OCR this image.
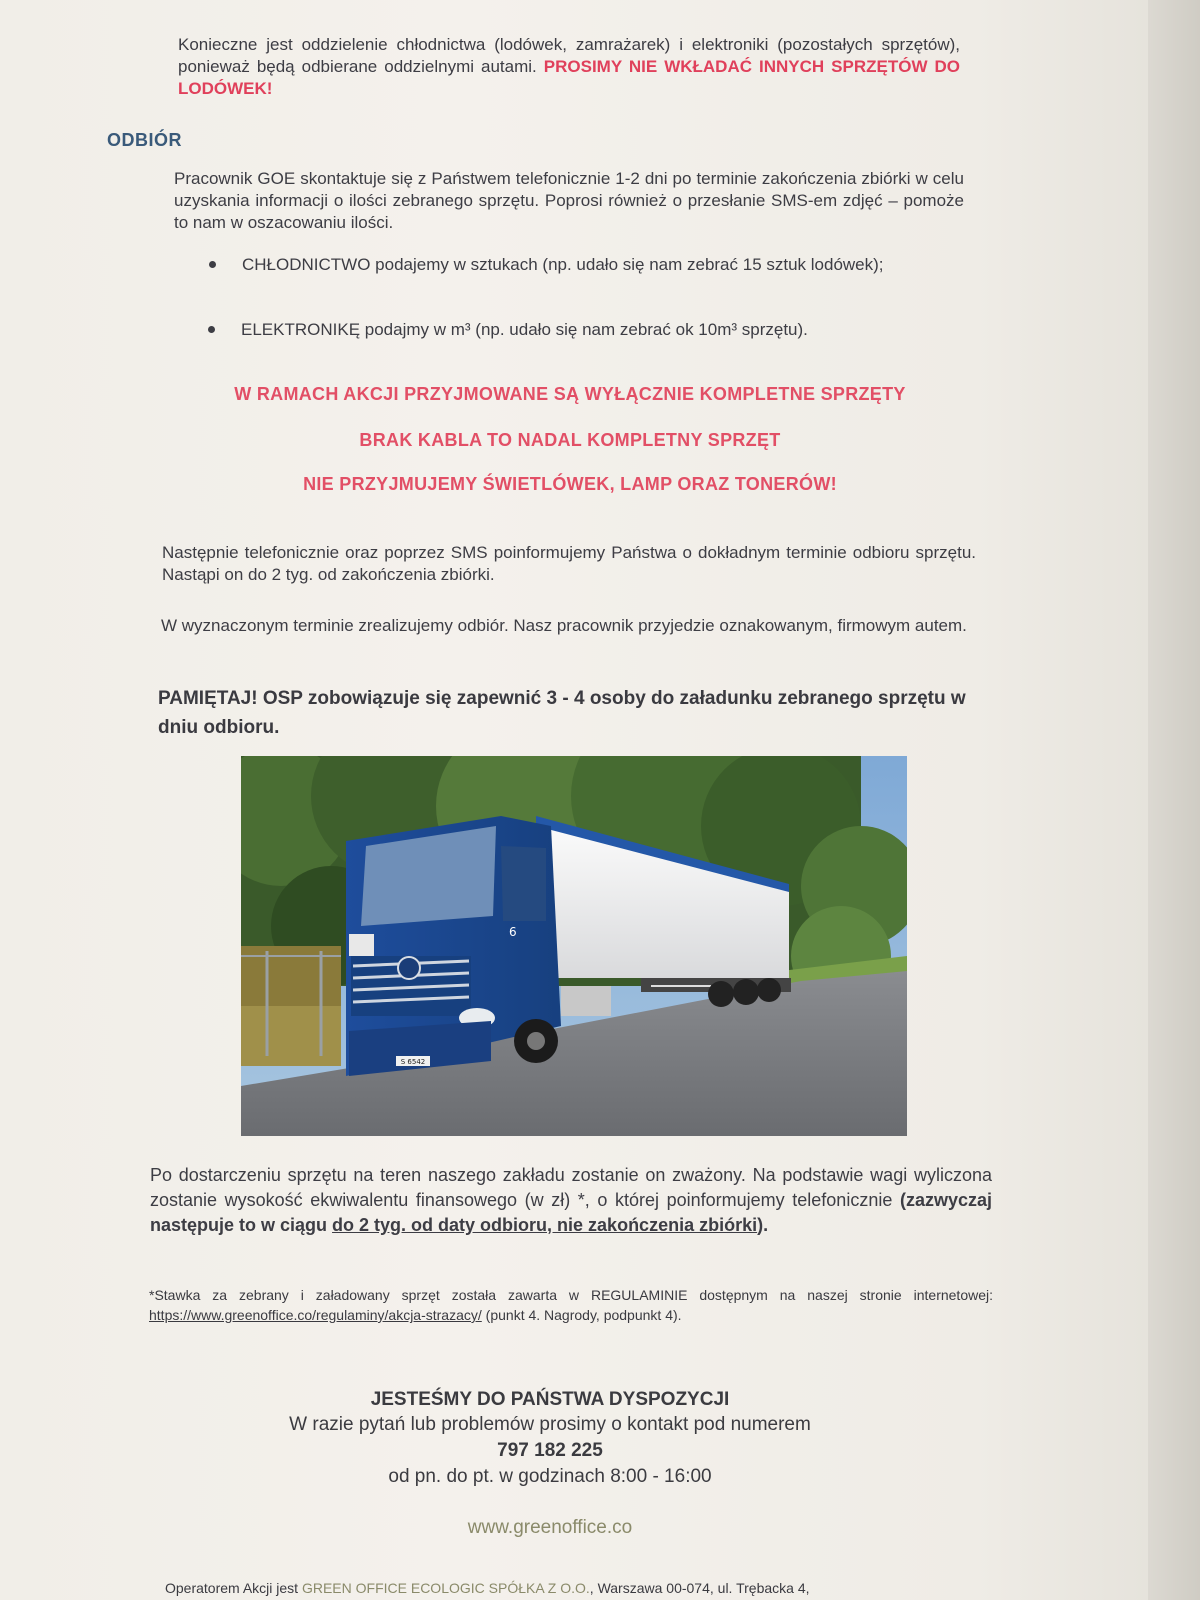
Konieczne jest oddzielenie chłodnictwa (lodówek, zamrażarek) i elektroniki (pozostałych sprzętów), ponieważ będą odbierane oddzielnymi autami. PROSIMY NIE WKŁADAĆ INNYCH SPRZĘTÓW DO LODÓWEK!
ODBIÓR
Pracownik GOE skontaktuje się z Państwem telefonicznie 1-2 dni po terminie zakończenia zbiórki w celu uzyskania informacji o ilości zebranego sprzętu. Poprosi również o przesłanie SMS-em zdjęć – pomoże to nam w oszacowaniu ilości.
CHŁODNICTWO podajemy w sztukach (np. udało się nam zebrać 15 sztuk lodówek);
ELEKTRONIKĘ podajmy w m³ (np. udało się nam zebrać ok 10m³ sprzętu).
W RAMACH AKCJI PRZYJMOWANE SĄ WYŁĄCZNIE KOMPLETNE SPRZĘTY
BRAK KABLA TO NADAL KOMPLETNY SPRZĘT
NIE PRZYJMUJEMY ŚWIETLÓWEK, LAMP ORAZ TONERÓW!
Następnie telefonicznie oraz poprzez SMS poinformujemy Państwa o dokładnym terminie odbioru sprzętu. Nastąpi on do 2 tyg. od zakończenia zbiórki.
W wyznaczonym terminie zrealizujemy odbiór. Nasz pracownik przyjedzie oznakowanym, firmowym autem.
PAMIĘTAJ! OSP zobowiązuje się zapewnić 3 - 4 osoby do załadunku zebranego sprzętu w dniu odbioru.
S 6542
6
Po dostarczeniu sprzętu na teren naszego zakładu zostanie on zważony. Na podstawie wagi wyliczona zostanie wysokość ekwiwalentu finansowego (w zł) *, o której poinformujemy telefonicznie (zazwyczaj następuje to w ciągu do 2 tyg. od daty odbioru, nie zakończenia zbiórki).
*Stawka za zebrany i załadowany sprzęt została zawarta w REGULAMINIE dostępnym na naszej stronie internetowej: https://www.greenoffice.co/regulaminy/akcja-strazacy/ (punkt 4. Nagrody, podpunkt 4).
JESTEŚMY DO PAŃSTWA DYSPOZYCJI
W razie pytań lub problemów prosimy o kontakt pod numerem
797 182 225
od pn. do pt. w godzinach 8:00 - 16:00
www.greenoffice.co
Operatorem Akcji jest GREEN OFFICE ECOLOGIC SPÓŁKA Z O.O., Warszawa 00-074, ul. Trębacka 4,
